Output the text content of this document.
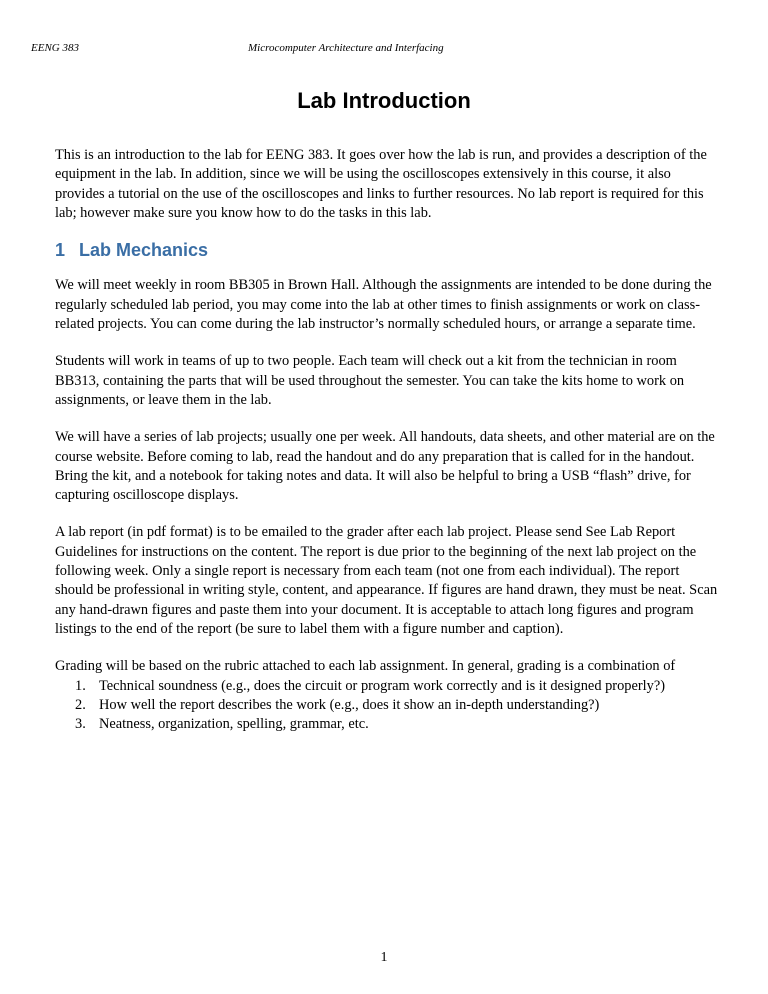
EENG 383	Microcomputer Architecture and Interfacing
Lab Introduction

This is an introduction to the lab for EENG 383. It goes over how the lab is run, and provides a description of the equipment in the lab. In addition, since we will be using the oscilloscopes extensively in this course, it also provides a tutorial on the use of the oscilloscopes and links to further resources. No lab report is required for this lab; however make sure you know how to do the tasks in this lab.

1 Lab Mechanics

We will meet weekly in room BB305 in Brown Hall. Although the assignments are intended to be done during the regularly scheduled lab period, you may come into the lab at other times to finish assignments or work on class-related projects. You can come during the lab instructor’s normally scheduled hours, or arrange a separate time.

Students will work in teams of up to two people. Each team will check out a kit from the technician in room BB313, containing the parts that will be used throughout the semester. You can take the kits home to work on assignments, or leave them in the lab.

We will have a series of lab projects; usually one per week. All handouts, data sheets, and other material are on the course website. Before coming to lab, read the handout and do any preparation that is called for in the handout. Bring the kit, and a notebook for taking notes and data. It will also be helpful to bring a USB “flash” drive, for capturing oscilloscope displays.

A lab report (in pdf format) is to be emailed to the grader after each lab project. Please send See Lab Report Guidelines for instructions on the content. The report is due prior to the beginning of the next lab project on the following week. Only a single report is necessary from each team (not one from each individual). The report should be professional in writing style, content, and appearance. If figures are hand drawn, they must be neat. Scan any hand-drawn figures and paste them into your document. It is acceptable to attach long figures and program listings to the end of the report (be sure to label them with a figure number and caption).

Grading will be based on the rubric attached to each lab assignment. In general, grading is a combination of

1. Technical soundness (e.g., does the circuit or program work correctly and is it designed properly?)
2. How well the report describes the work (e.g., does it show an in-depth understanding?)
3. Neatness, organization, spelling, grammar, etc.
1
